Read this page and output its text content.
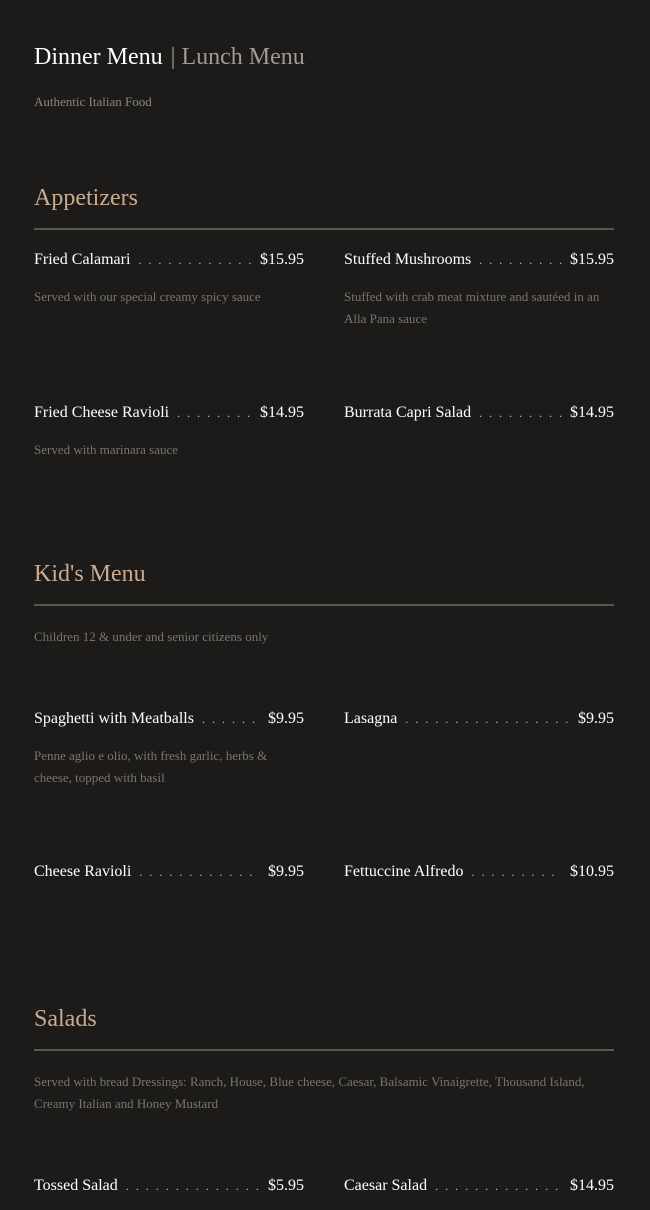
Dinner Menu | Lunch Menu
Authentic Italian Food
Appetizers
Fried Calamari . . .	$15.95
Served with our special creamy spicy sauce
Stuffed Mushrooms . . .	$15.95
Stuffed with crab meat mixture and sautéed in an Alla Pana sauce
Fried Cheese Ravioli . . .	$14.95
Served with marinara sauce
Burrata Capri Salad . . .	$14.95
Kid's Menu
Children 12 & under and senior citizens only
Spaghetti with Meatballs . . .	$9.95
Penne aglio e olio, with fresh garlic, herbs & cheese, topped with basil
Lasagna . . .	$9.95
Cheese Ravioli . . .	$9.95	Fettuccine Alfredo . . .	$10.95
Salads
Served with bread Dressings: Ranch, House, Blue cheese, Caesar, Balsamic Vinaigrette, Thousand Island, Creamy Italian and Honey Mustard
Tossed Salad . . .	$5.95	Caesar Salad . . .	$14.95
